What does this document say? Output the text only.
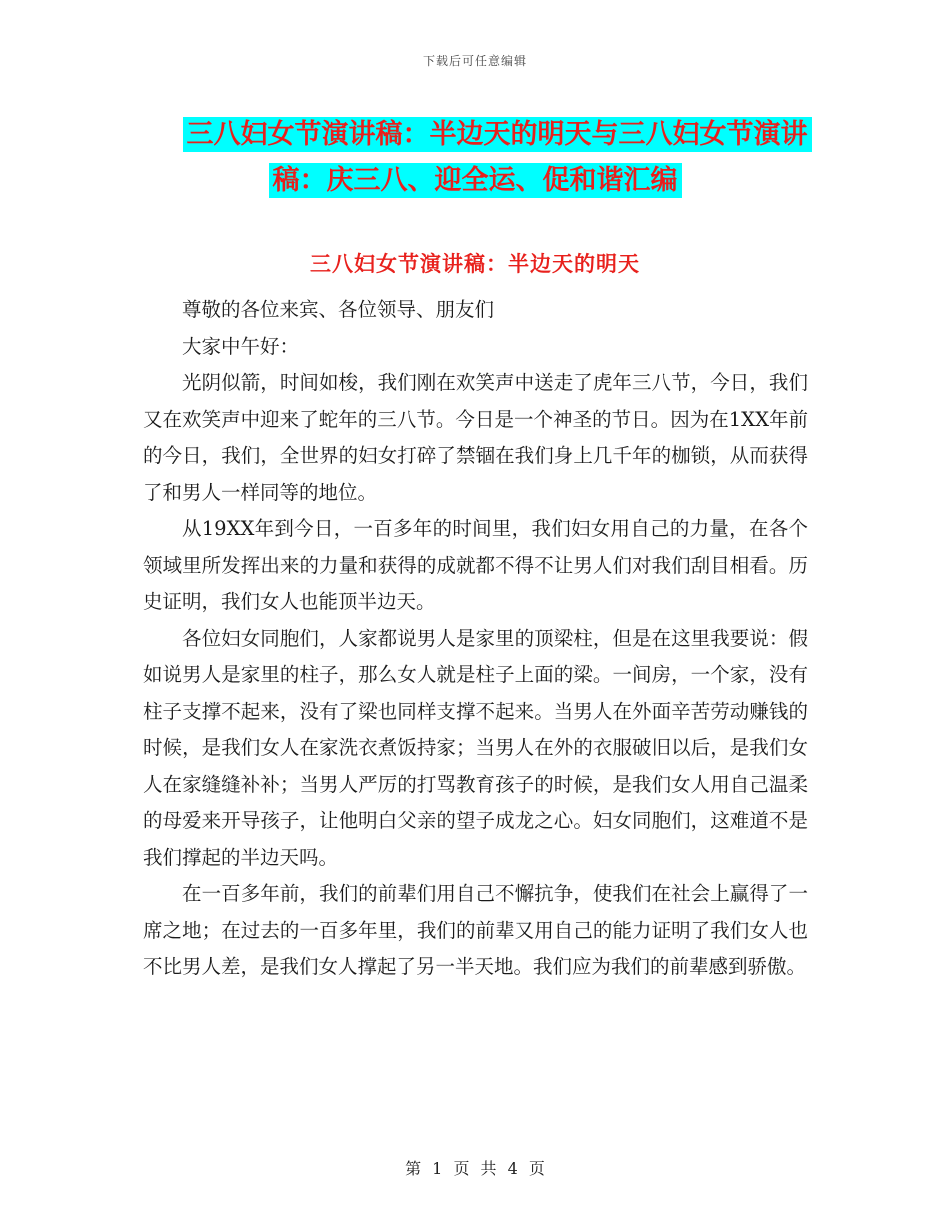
下载后可任意编辑
三八妇女节演讲稿：半边天的明天与三八妇女节演讲
稿：庆三八、迎全运、促和谐汇编
三八妇女节演讲稿：半边天的明天

尊敬的各位来宾、各位领导、朋友们

大家中午好：

光阴似箭，时间如梭，我们刚在欢笑声中送走了虎年三八节，今日，我们又在欢笑声中迎来了蛇年的三八节。今日是一个神圣的节日。因为在1XX年前的今日，我们，全世界的妇女打碎了禁锢在我们身上几千年的枷锁，从而获得了和男人一样同等的地位。

从19XX年到今日，一百多年的时间里，我们妇女用自己的力量，在各个领域里所发挥出来的力量和获得的成就都不得不让男人们对我们刮目相看。历史证明，我们女人也能顶半边天。

各位妇女同胞们，人家都说男人是家里的顶梁柱，但是在这里我要说：假如说男人是家里的柱子，那么女人就是柱子上面的梁。一间房，一个家，没有柱子支撑不起来，没有了梁也同样支撑不起来。当男人在外面辛苦劳动赚钱的时候，是我们女人在家洗衣煮饭持家；当男人在外的衣服破旧以后，是我们女人在家缝缝补补；当男人严厉的打骂教育孩子的时候，是我们女人用自己温柔的母爱来开导孩子，让他明白父亲的望子成龙之心。妇女同胞们，这难道不是我们撑起的半边天吗。

在一百多年前，我们的前辈们用自己不懈抗争，使我们在社会上赢得了一席之地；在过去的一百多年里，我们的前辈又用自己的能力证明了我们女人也不比男人差，是我们女人撑起了另一半天地。我们应为我们的前辈感到骄傲。

第 1 页 共 4 页
